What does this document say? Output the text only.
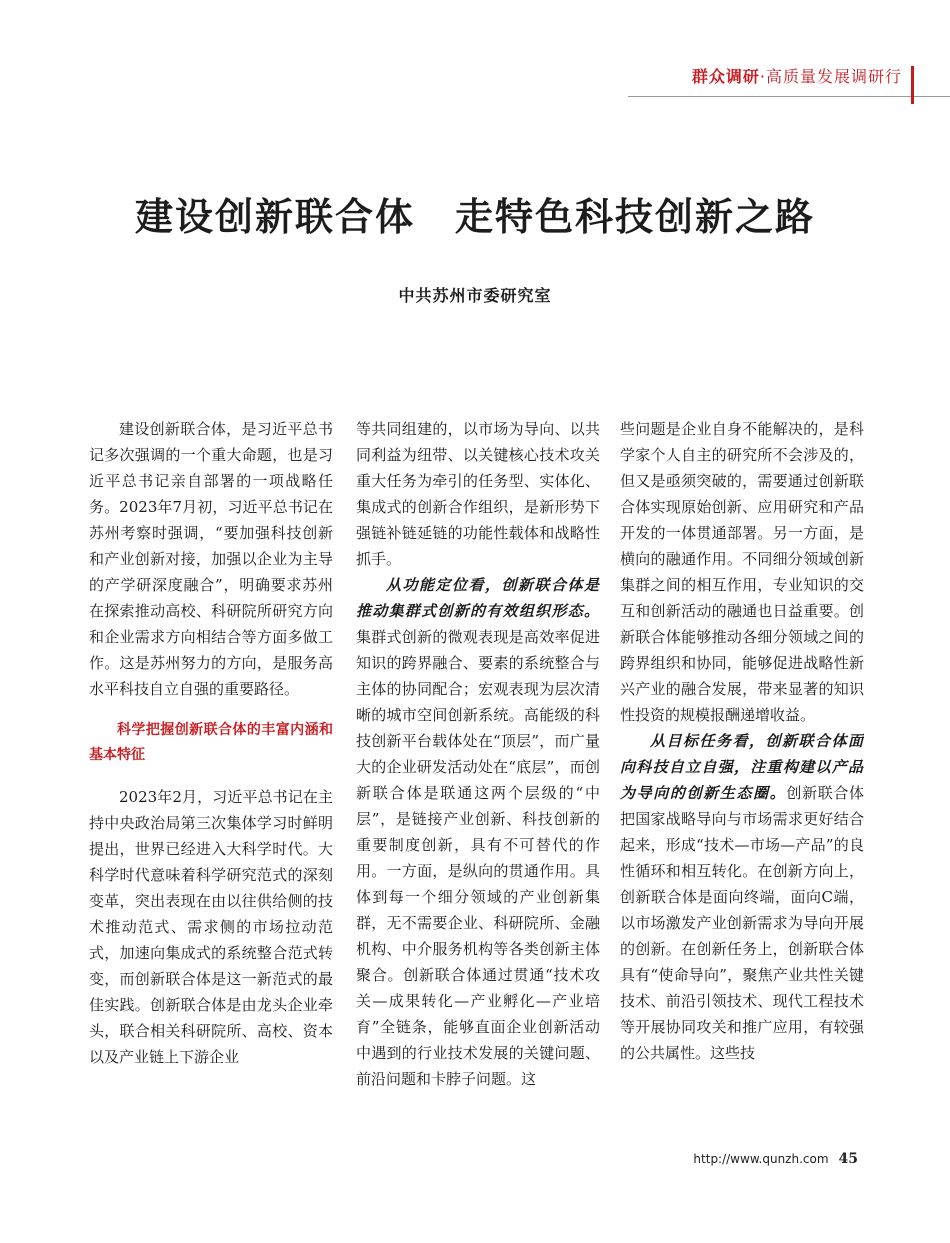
群众调研·高质量发展调研行
建设创新联合体　走特色科技创新之路
中共苏州市委研究室

建设创新联合体，是习近平总书记多次强调的一个重大命题，也是习近平总书记亲自部署的一项战略任务。2023年7月初，习近平总书记在苏州考察时强调，“要加强科技创新和产业创新对接，加强以企业为主导的产学研深度融合”，明确要求苏州在探索推动高校、科研院所研究方向和企业需求方向相结合等方面多做工作。这是苏州努力的方向，是服务高水平科技自立自强的重要路径。

科学把握创新联合体的丰富内涵和基本特征

2023年2月，习近平总书记在主持中央政治局第三次集体学习时鲜明提出，世界已经进入大科学时代。大科学时代意味着科学研究范式的深刻变革，突出表现在由以往供给侧的技术推动范式、需求侧的市场拉动范式，加速向集成式的系统整合范式转变，而创新联合体是这一新范式的最佳实践。创新联合体是由龙头企业牵头，联合相关科研院所、高校、资本以及产业链上下游企业

等共同组建的，以市场为导向、以共同利益为纽带、以关键核心技术攻关重大任务为牵引的任务型、实体化、集成式的创新合作组织，是新形势下强链补链延链的功能性载体和战略性抓手。

从功能定位看，创新联合体是推动集群式创新的有效组织形态。集群式创新的微观表现是高效率促进知识的跨界融合、要素的系统整合与主体的协同配合；宏观表现为层次清晰的城市空间创新系统。高能级的科技创新平台载体处在“顶层”，而广量大的企业研发活动处在“底层”，而创新联合体是联通这两个层级的“中层”，是链接产业创新、科技创新的重要制度创新，具有不可替代的作用。一方面，是纵向的贯通作用。具体到每一个细分领域的产业创新集群，无不需要企业、科研院所、金融机构、中介服务机构等各类创新主体聚合。创新联合体通过贯通“技术攻关—成果转化—产业孵化—产业培育”全链条，能够直面企业创新活动中遇到的行业技术发展的关键问题、前沿问题和卡脖子问题。这

些问题是企业自身不能解决的，是科学家个人自主的研究所不会涉及的，但又是亟须突破的，需要通过创新联合体实现原始创新、应用研究和产品开发的一体贯通部署。另一方面，是横向的融通作用。不同细分领域创新集群之间的相互作用，专业知识的交互和创新活动的融通也日益重要。创新联合体能够推动各细分领域之间的跨界组织和协同，能够促进战略性新兴产业的融合发展，带来显著的知识性投资的规模报酬递增收益。

从目标任务看，创新联合体面向科技自立自强，注重构建以产品为导向的创新生态圈。创新联合体把国家战略导向与市场需求更好结合起来，形成“技术—市场—产品”的良性循环和相互转化。在创新方向上，创新联合体是面向终端，面向C端，以市场激发产业创新需求为导向开展的创新。在创新任务上，创新联合体具有“使命导向”，聚焦产业共性关键技术、前沿引领技术、现代工程技术等开展协同攻关和推广应用，有较强的公共属性。这些技

http://www.qunzh.com 45
